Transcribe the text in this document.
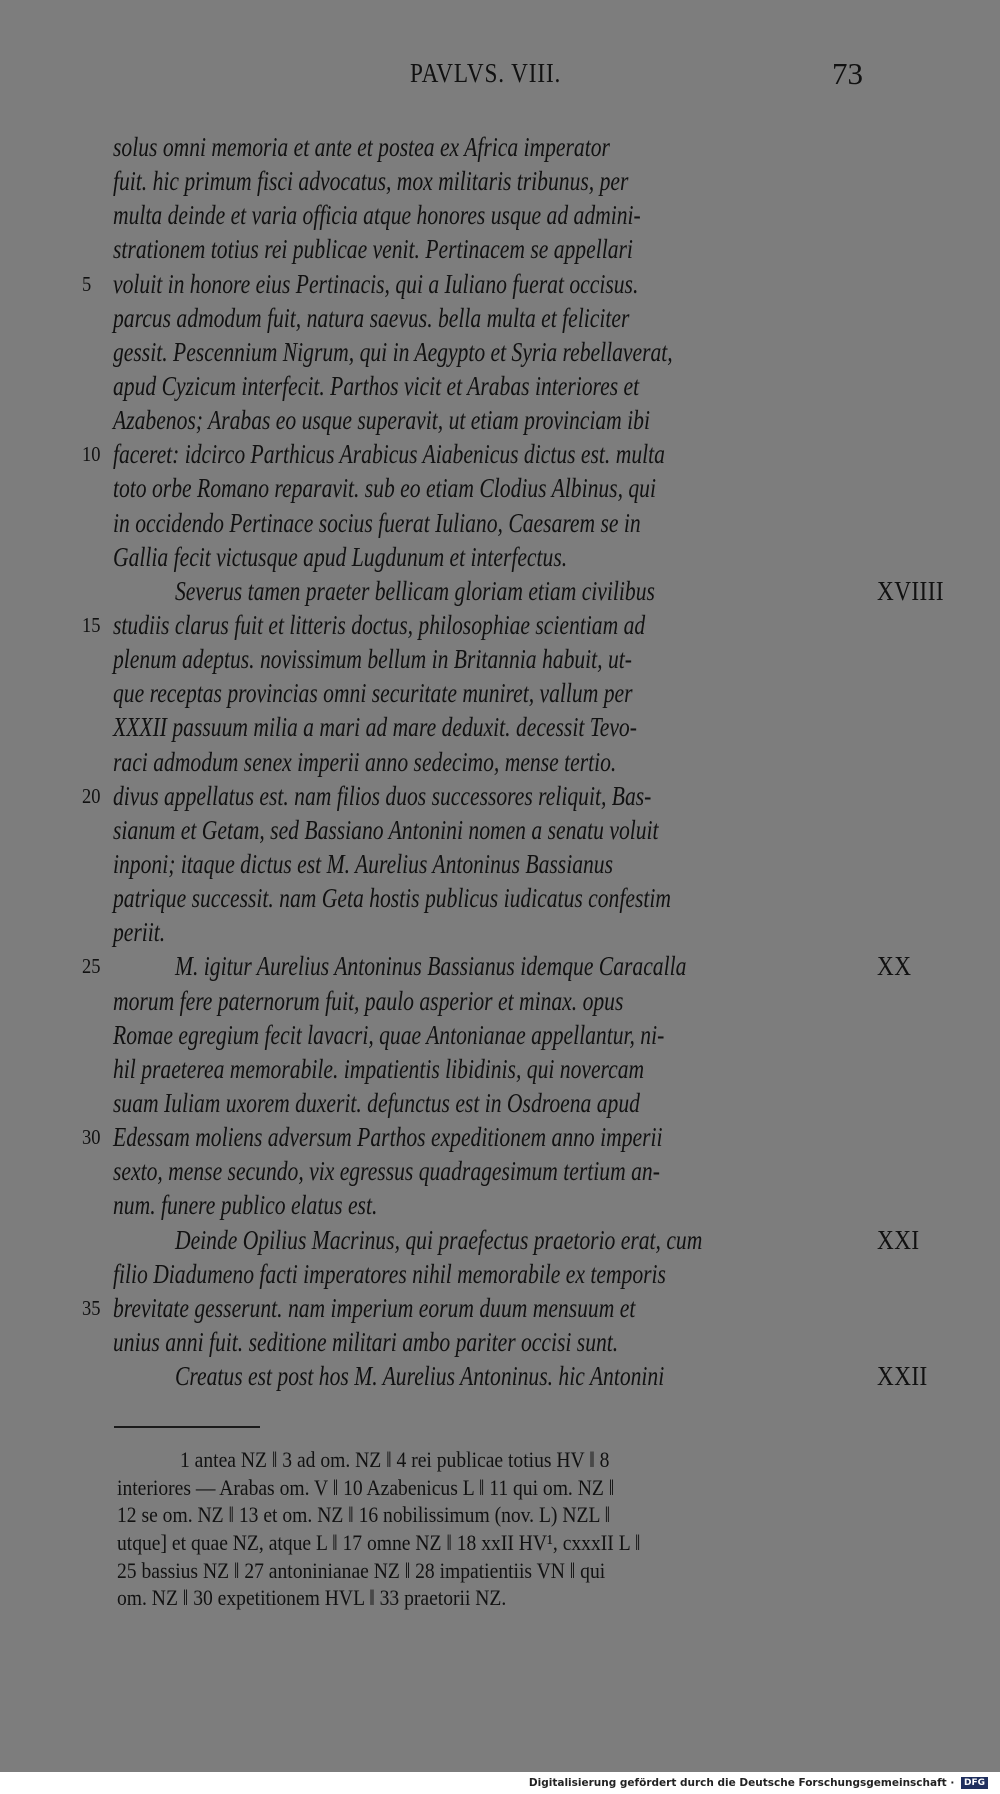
PAVLVS. VIII.	73
solus omni memoria et ante et postea ex Africa imperator
fuit. hic primum fisci advocatus, mox militaris tribunus, per
multa deinde et varia officia atque honores usque ad admini-
strationem totius rei publicae venit. Pertinacem se appellari
5 voluit in honore eius Pertinacis, qui a Iuliano fuerat occisus.
parcus admodum fuit, natura saevus. bella multa et feliciter
gessit. Pescennium Nigrum, qui in Aegypto et Syria rebellaverat,
apud Cyzicum interfecit. Parthos vicit et Arabas interiores et
Azabenos; Arabas eo usque superavit, ut etiam provinciam ibi
10 faceret: idcirco Parthicus Arabicus Aiabenicus dictus est. multa
toto orbe Romano reparavit. sub eo etiam Clodius Albinus, qui
in occidendo Pertinace socius fuerat Iuliano, Caesarem se in
Gallia fecit victusque apud Lugdunum et interfectus.
Severus tamen praeter bellicam gloriam etiam civilibus	XVIIII
15 studiis clarus fuit et litteris doctus, philosophiae scientiam ad
plenum adeptus. novissimum bellum in Britannia habuit, ut-
que receptas provincias omni securitate muniret, vallum per
XXXII passuum milia a mari ad mare deduxit. decessit Tevo-
raci admodum senex imperii anno sedecimo, mense tertio.
20 divus appellatus est. nam filios duos successores reliquit, Bas-
sianum et Getam, sed Bassiano Antonini nomen a senatu voluit
inponi; itaque dictus est M. Aurelius Antoninus Bassianus
patrique successit. nam Geta hostis publicus iudicatus confestim
periit.
25	M. igitur Aurelius Antoninus Bassianus idemque Caracalla	XX
morum fere paternorum fuit, paulo asperior et minax. opus
Romae egregium fecit lavacri, quae Antonianae appellantur, ni-
hil praeterea memorabile. impatientis libidinis, qui novercam
suam Iuliam uxorem duxerit. defunctus est in Osdroena apud
30 Edessam moliens adversum Parthos expeditionem anno imperii
sexto, mense secundo, vix egressus quadragesimum tertium an-
num. funere publico elatus est.
Deinde Opilius Macrinus, qui praefectus praetorio erat, cum	XXI
filio Diadumeno facti imperatores nihil memorabile ex temporis
35 brevitate gesserunt. nam imperium eorum duum mensuum et
unius anni fuit. seditione militari ambo pariter occisi sunt.
Creatus est post hos M. Aurelius Antoninus. hic Antonini	XXII
1 antea NZ ‖ 3 ad om. NZ ‖ 4 rei publicae totius HV ‖ 8
interiores — Arabas om. V ‖ 10 Azabenicus L ‖ 11 qui om. NZ ‖
12 se om. NZ ‖ 13 et om. NZ ‖ 16 nobilissimum (nov. L) NZL ‖
utque] et quae NZ, atque L ‖ 17 omne NZ ‖ 18 xxII HV¹, cxxxII L ‖
25 bassius NZ ‖ 27 antoninianae NZ ‖ 28 impatientiis VN ‖ qui
om. NZ ‖ 30 expetitionem HVL ‖ 33 praetorii NZ.
Digitalisierung gefördert durch die Deutsche Forschungsgemeinschaft · DFG
